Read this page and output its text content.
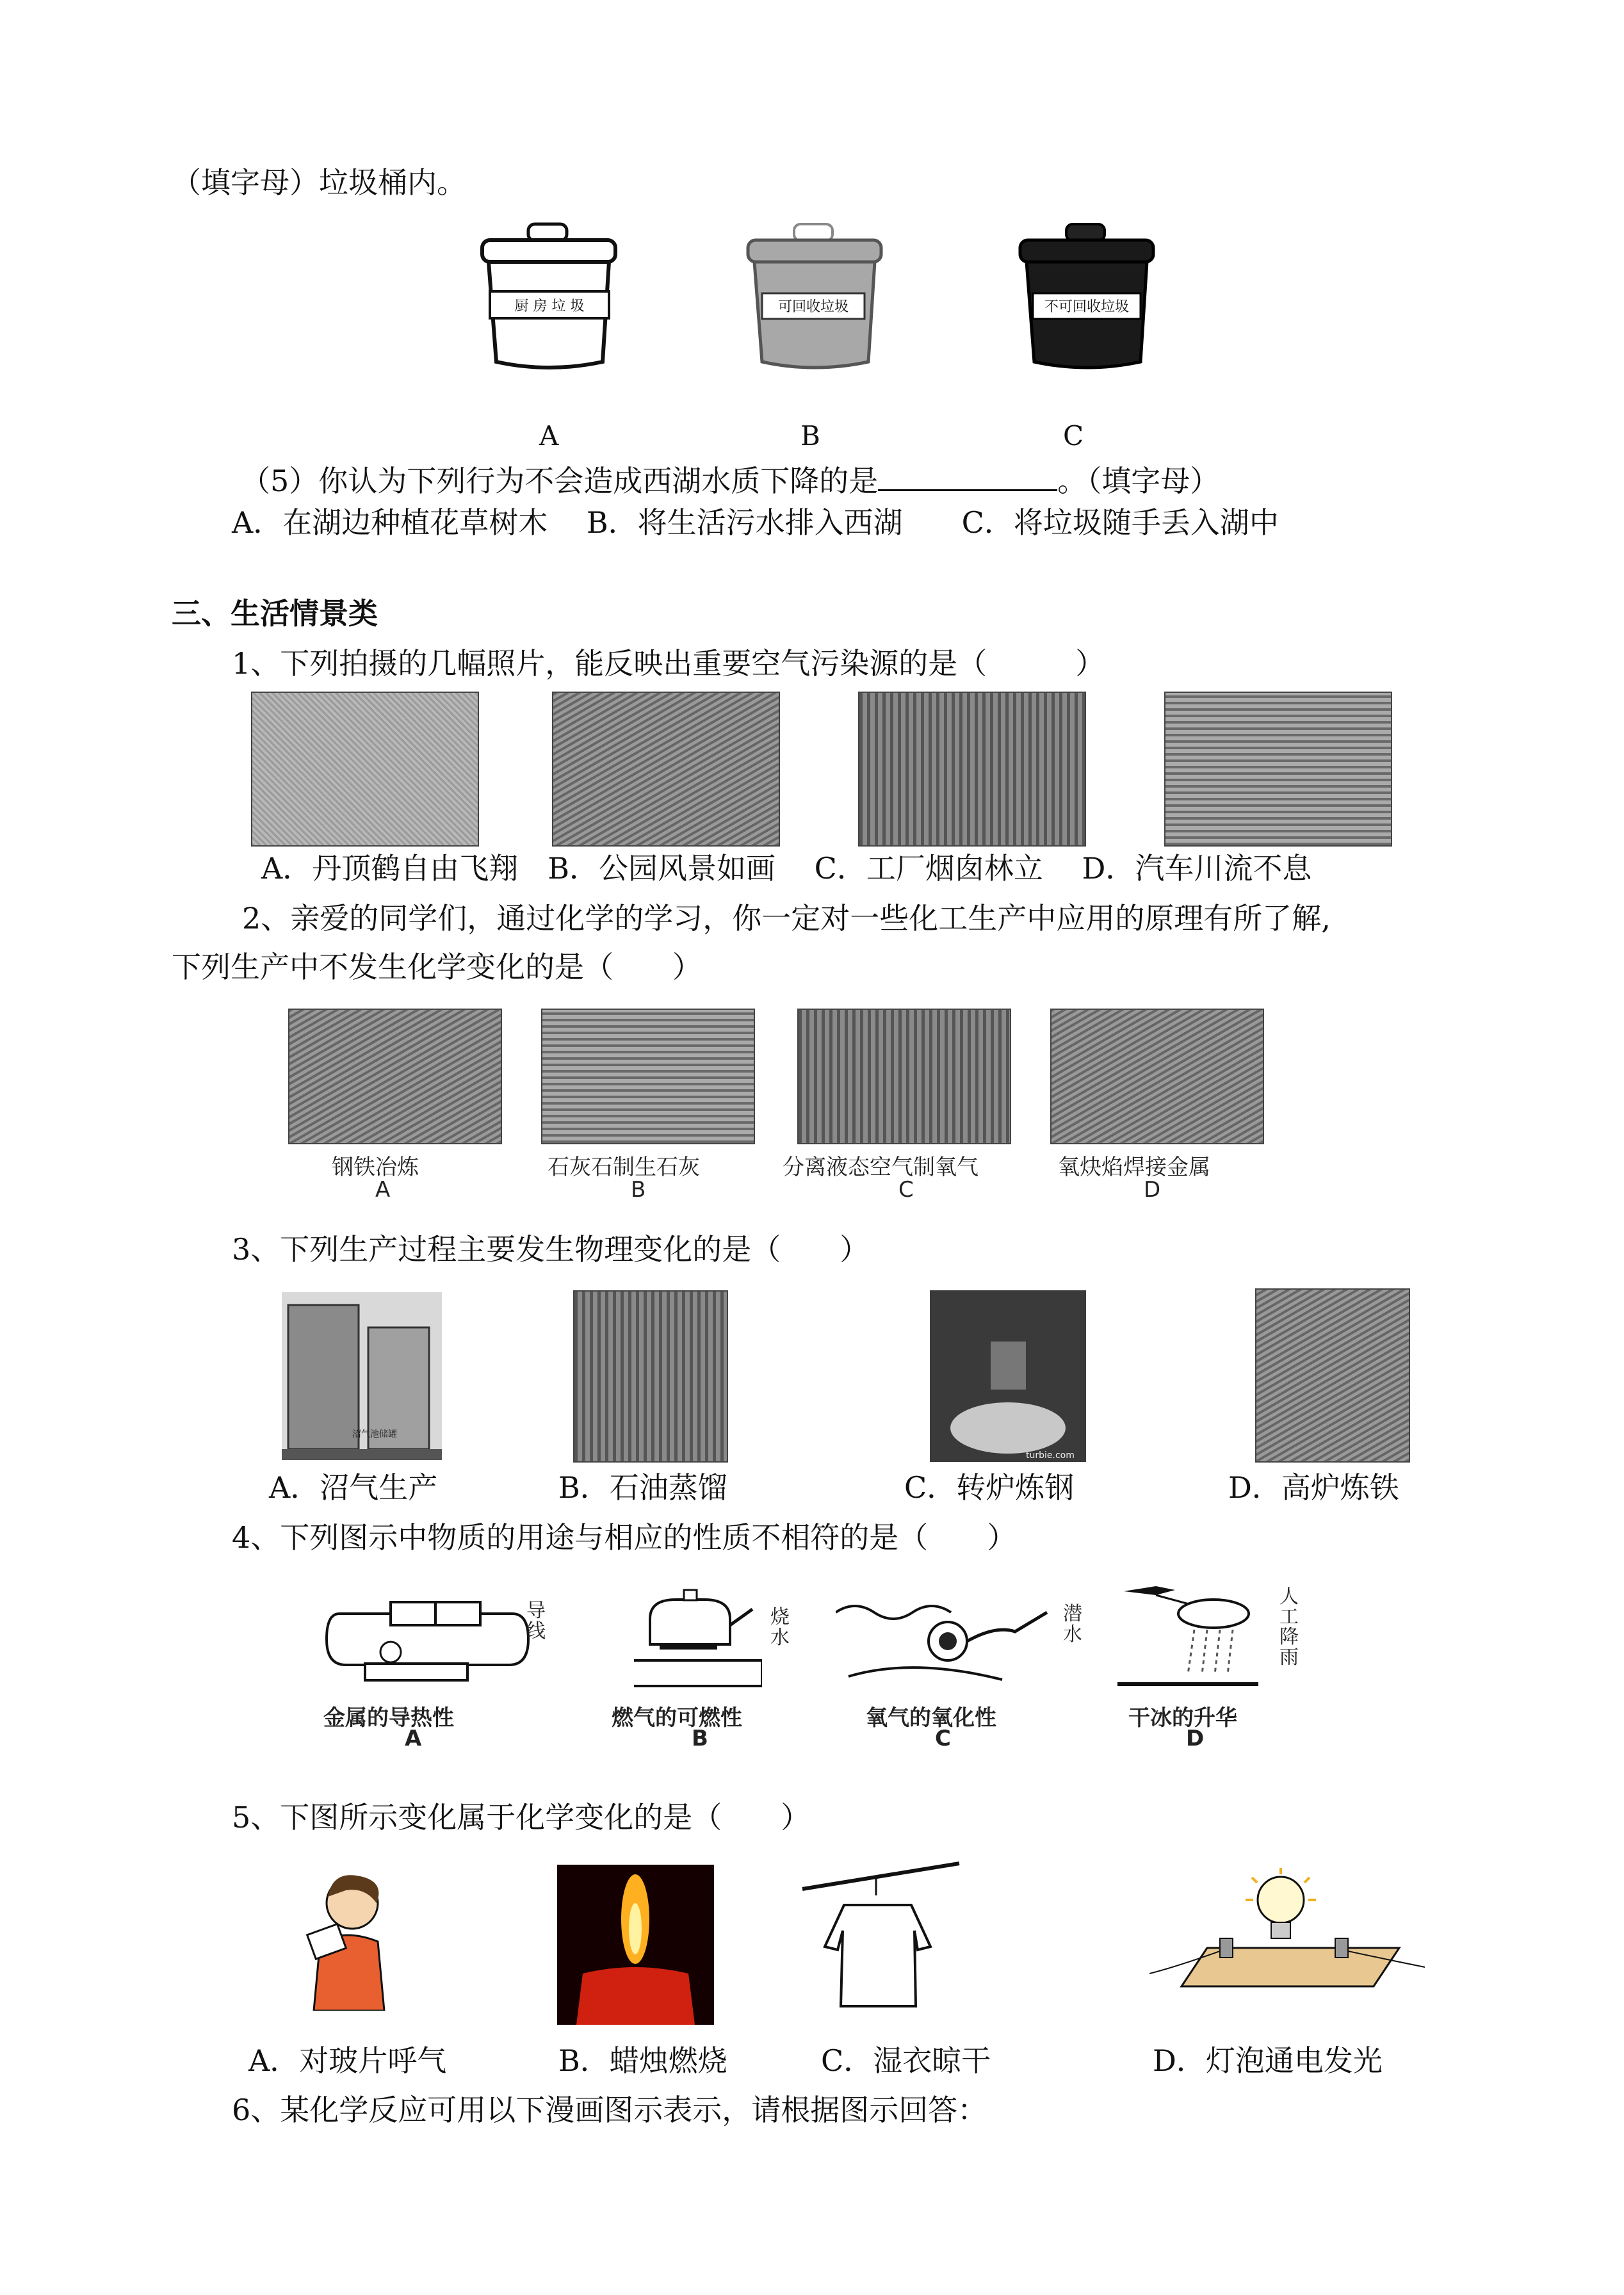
（填字母）垃圾桶内。
厨 房 垃 圾
A
可回收垃圾
B
不可回收垃圾
C
（5）你认为下列行为不会造成西湖水质下降的是	。（填字母）
A．在湖边种植花草树木　 B．将生活污水排入西湖　　C．将垃圾随手丢入湖中
三、生活情景类
1、下列拍摄的几幅照片，能反映出重要空气污染源的是（　　　）
A．丹顶鹤自由飞翔　B．公园风景如画　 C．工厂烟囱林立 　D．汽车川流不息
2、亲爱的同学们，通过化学的学习，你一定对一些化工生产中应用的原理有所了解,
下列生产中不发生化学变化的是（　　）
钢铁冶炼
A
石灰石制生石灰
B
分离液态空气制氧气
C
氧炔焰焊接金属
D
3、下列生产过程主要发生物理变化的是（　　）
沼气池储罐
turbie.com
A．沼气生产	B．石油蒸馏	C．转炉炼钢	D．高炉炼铁
4、下列图示中物质的用途与相应的性质不相符的是（　　）
导线
金属的导热性
A
烧水
燃气的可燃性
B
潜水
氧气的氧化性
C
人工降雨
干冰的升华
D
5、下图所示变化属于化学变化的是（　　）
A．对玻片呼气	B．蜡烛燃烧	C．湿衣晾干	D．灯泡通电发光
6、某化学反应可用以下漫画图示表示，请根据图示回答：
